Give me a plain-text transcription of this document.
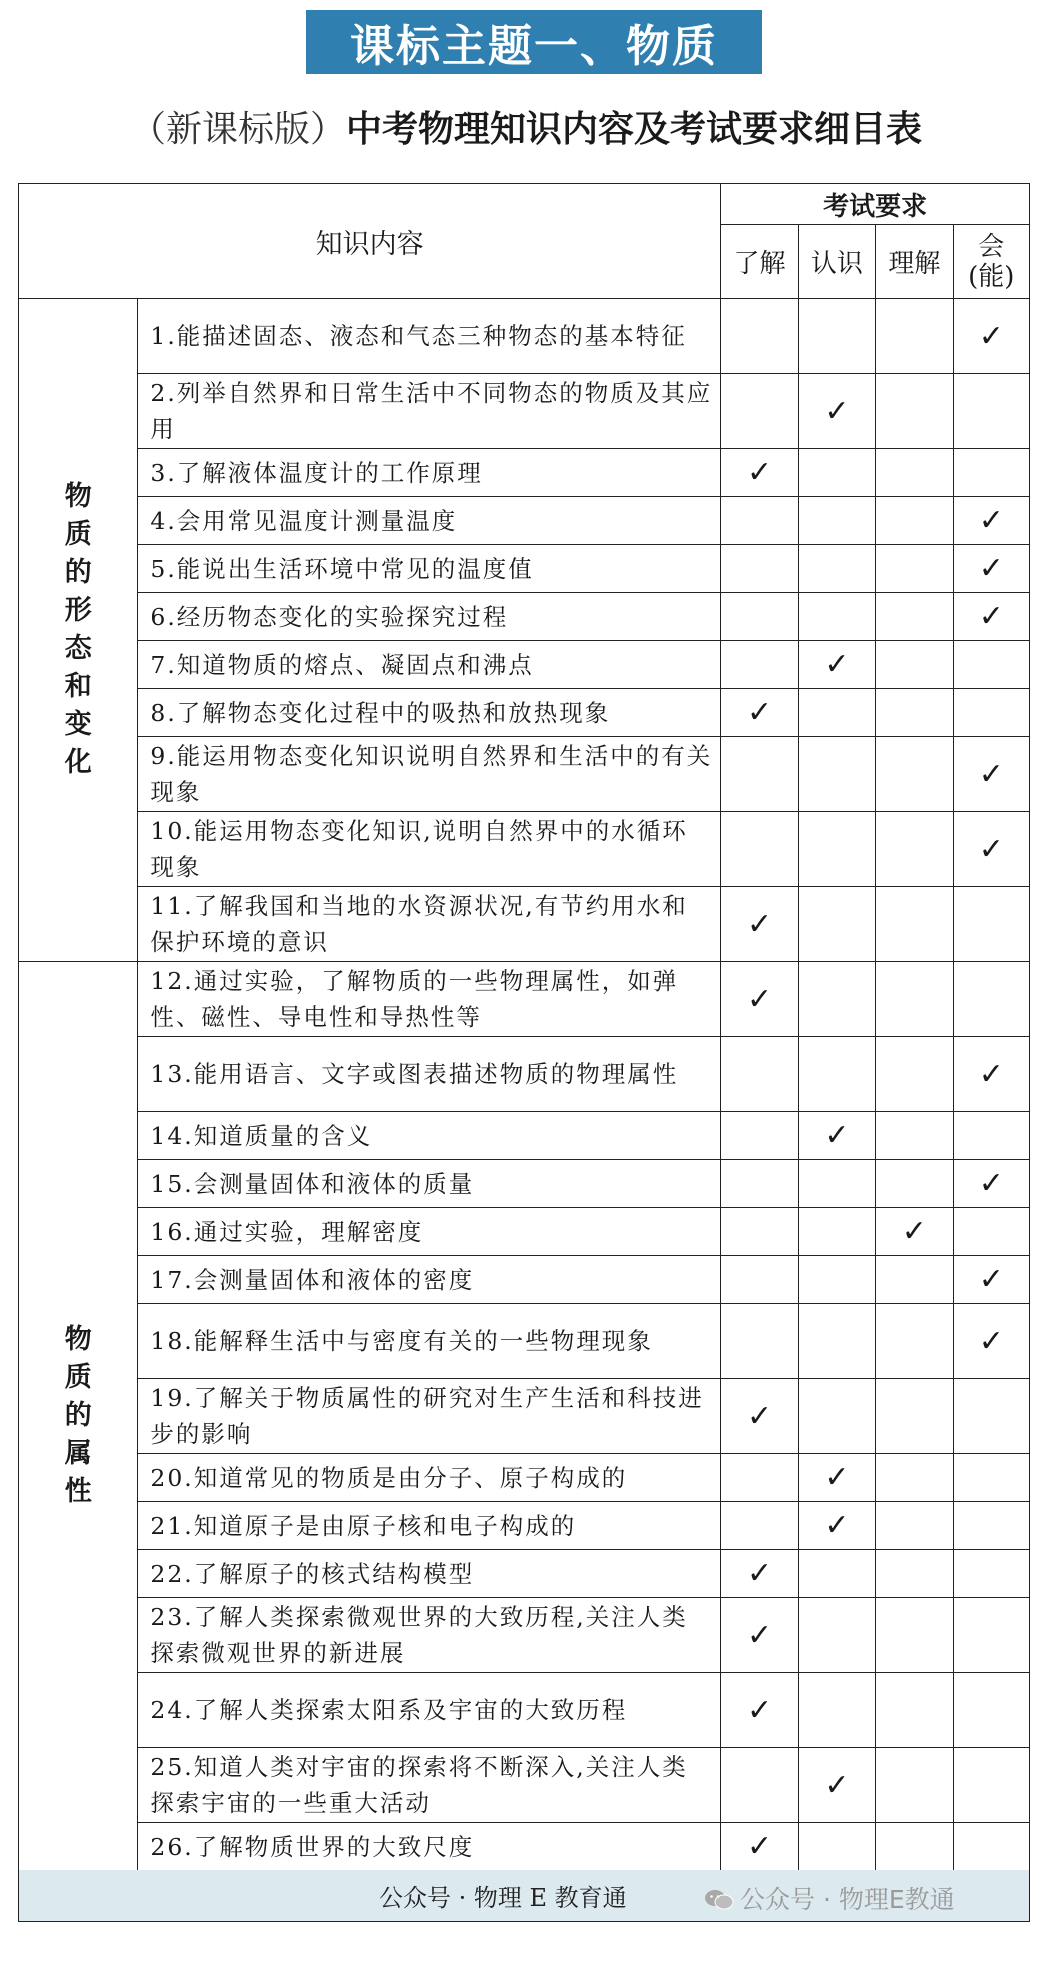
课标主题一、物质
（新课标版）中考物理知识内容及考试要求细目表
知识内容		考试要求			
		了解	认识	理解	会(能)

物质的形态和变化	1.能描述固态、液态和气态三种物态的基本特征				✓
	2.列举自然界和日常生活中不同物态的物质及其应用		✓		
	3.了解液体温度计的工作原理	✓			
	4.会用常见温度计测量温度				✓
	5.能说出生活环境中常见的温度值				✓
	6.经历物态变化的实验探究过程				✓
	7.知道物质的熔点、凝固点和沸点		✓		
	8.了解物态变化过程中的吸热和放热现象	✓			
	9.能运用物态变化知识说明自然界和生活中的有关现象				✓
	10.能运用物态变化知识,说明自然界中的水循环现象				✓
	11.了解我国和当地的水资源状况,有节约用水和保护环境的意识	✓			

物质的属性	12.通过实验，了解物质的一些物理属性，如弹性、磁性、导电性和导热性等	✓			
	13.能用语言、文字或图表描述物质的物理属性				✓
	14.知道质量的含义		✓		
	15.会测量固体和液体的质量				✓
	16.通过实验，理解密度			✓	
	17.会测量固体和液体的密度				✓
	18.能解释生活中与密度有关的一些物理现象				✓
	19.了解关于物质属性的研究对生产生活和科技进步的影响	✓			
	20.知道常见的物质是由分子、原子构成的		✓		
	21.知道原子是由原子核和电子构成的		✓		
	22.了解原子的核式结构模型	✓			
	23.了解人类探索微观世界的大致历程,关注人类探索微观世界的新进展	✓			
	24.了解人类探索太阳系及宇宙的大致历程	✓			
	25.知道人类对宇宙的探索将不断深入,关注人类探索宇宙的一些重大活动		✓		
	26.了解物质世界的大致尺度	✓			
公众号 · 物理 E 教育通	公众号 · 物理E教通
